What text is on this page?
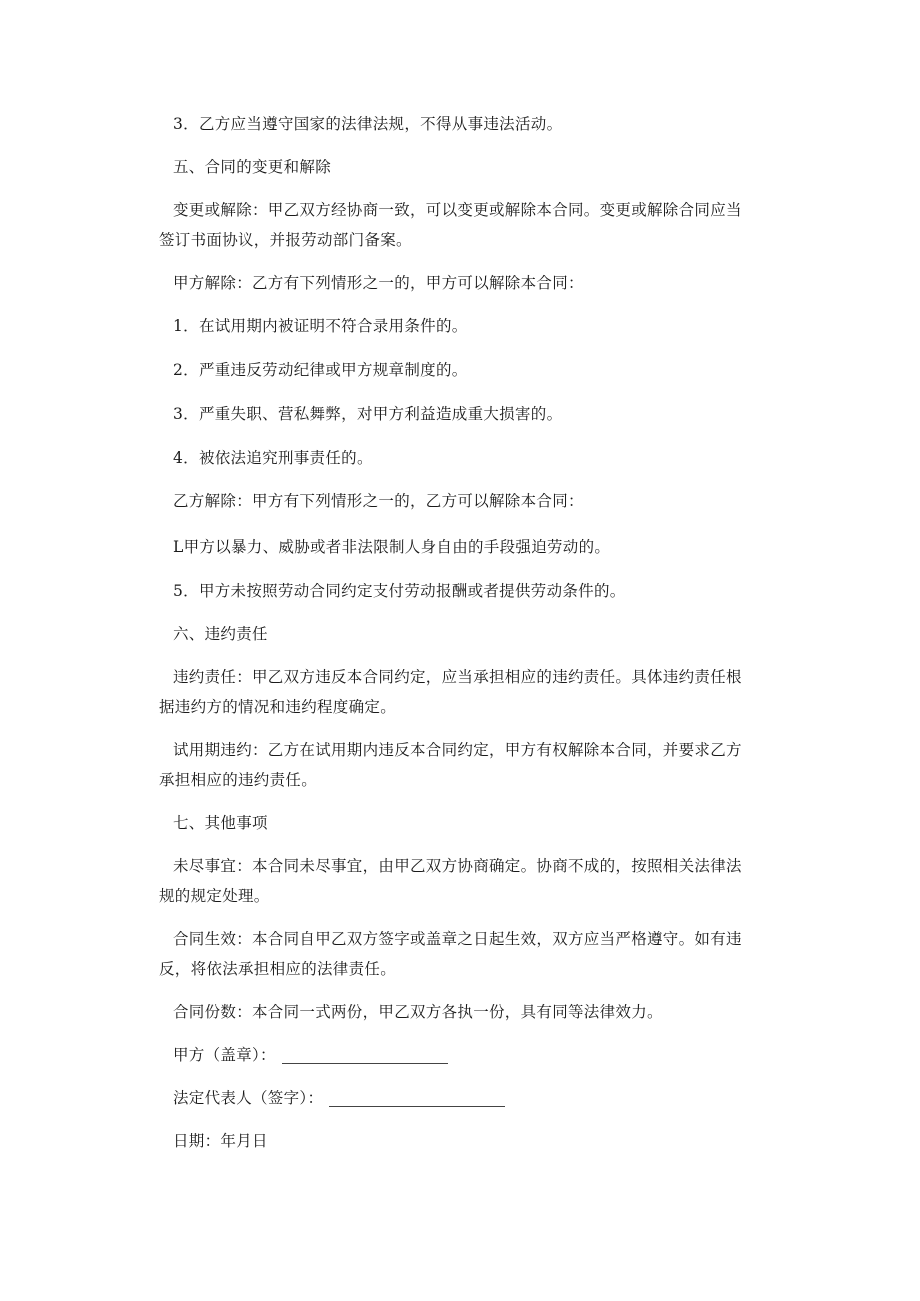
3．乙方应当遵守国家的法律法规，不得从事违法活动。
五、合同的变更和解除
变更或解除：甲乙双方经协商一致，可以变更或解除本合同。变更或解除合同应当
签订书面协议，并报劳动部门备案。
甲方解除：乙方有下列情形之一的，甲方可以解除本合同：
1．在试用期内被证明不符合录用条件的。
2．严重违反劳动纪律或甲方规章制度的。
3．严重失职、营私舞弊，对甲方利益造成重大损害的。
4．被依法追究刑事责任的。
乙方解除：甲方有下列情形之一的，乙方可以解除本合同：
L甲方以暴力、威胁或者非法限制人身自由的手段强迫劳动的。
5．甲方未按照劳动合同约定支付劳动报酬或者提供劳动条件的。
六、违约责任
违约责任：甲乙双方违反本合同约定，应当承担相应的违约责任。具体违约责任根
据违约方的情况和违约程度确定。
试用期违约：乙方在试用期内违反本合同约定，甲方有权解除本合同，并要求乙方
承担相应的违约责任。
七、其他事项
未尽事宜：本合同未尽事宜，由甲乙双方协商确定。协商不成的，按照相关法律法
规的规定处理。
合同生效：本合同自甲乙双方签字或盖章之日起生效，双方应当严格遵守。如有违
反，将依法承担相应的法律责任。
合同份数：本合同一式两份，甲乙双方各执一份，具有同等法律效力。
甲方（盖章）：
法定代表人（签字）：
日期：年月日
